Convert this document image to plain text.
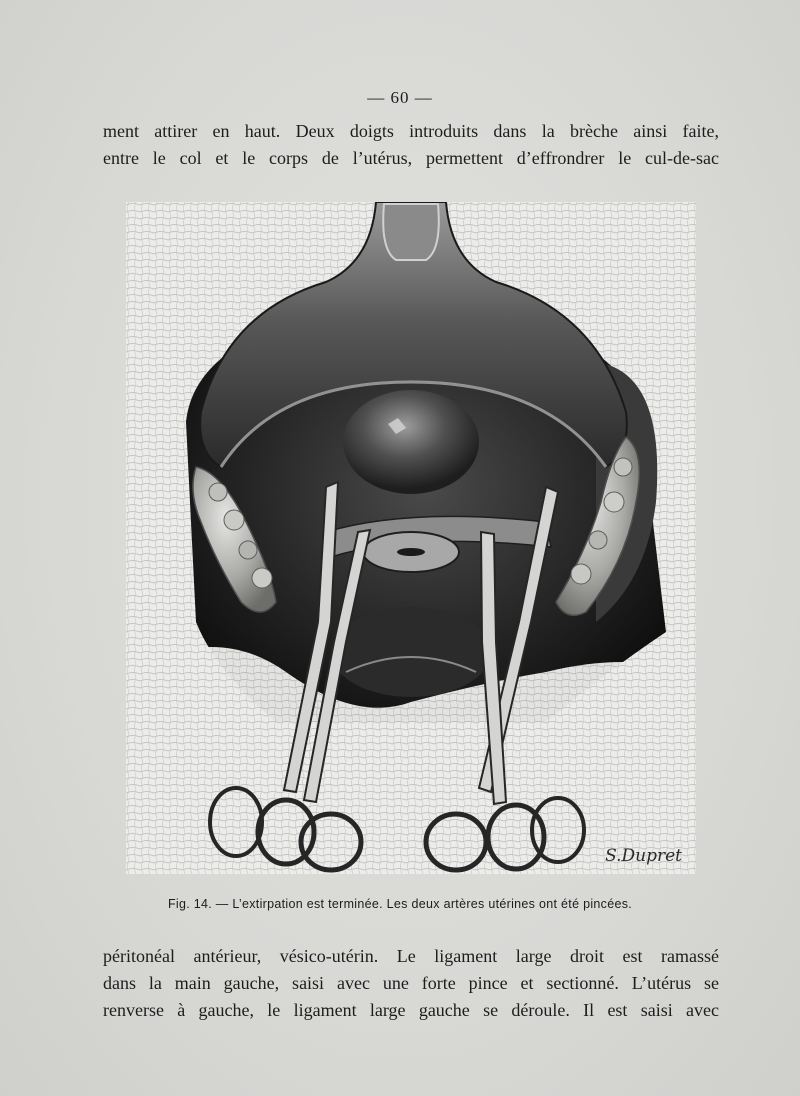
— 60 —
ment attirer en haut. Deux doigts introduits dans la brèche ainsi faite,
entre le col et le corps de l’utérus, permettent d’effrondrer le cul-de-sac
S.Dupret
Fig. 14. — L’extirpation est terminée. Les deux artères utérines ont été pincées.
péritonéal antérieur, vésico-utérin. Le ligament large droit est ramassé
dans la main gauche, saisi avec une forte pince et sectionné. L’utérus se
renverse à gauche, le ligament large gauche se déroule. Il est saisi avec
